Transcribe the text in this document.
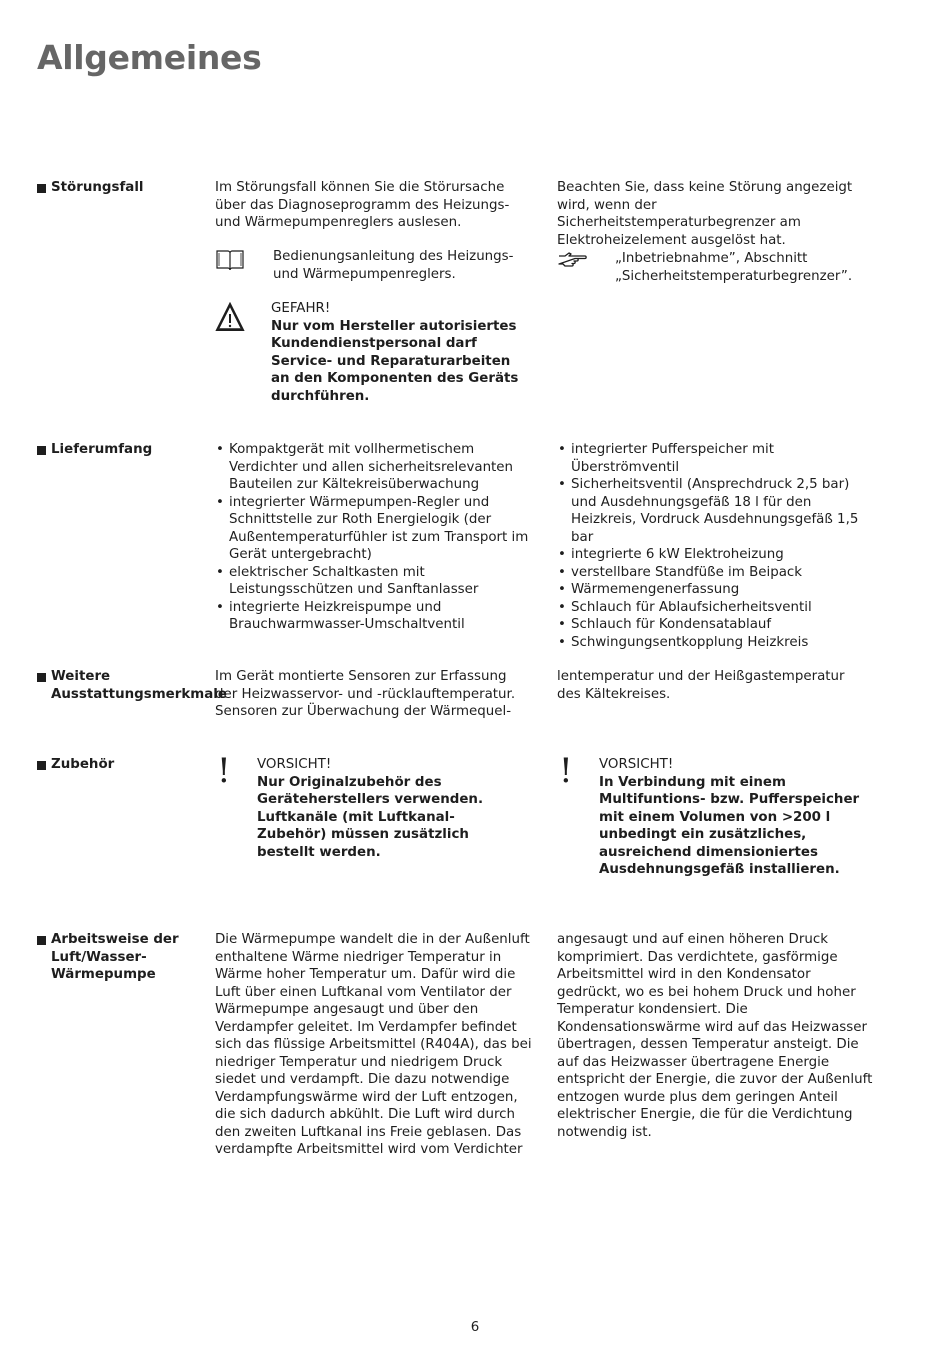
Allgemeines
Störungsfall	Im Störungsfall können Sie die Störursache über das Diagnoseprogramm des Heizungs- und Wärmepumpenreglers auslesen.

Bedienungsanleitung des Heizungs- und Wärmepumpenreglers.
GEFAHR!
Nur vom Hersteller autorisiertes Kundendienstpersonal darf Service- und Reparaturarbeiten an den Komponenten des Geräts durchführen.

Beachten Sie, dass keine Störung angezeigt wird, wenn der Sicherheitstemperaturbegrenzer am Elektroheizelement ausgelöst hat.

„Inbetriebnahme”, Abschnitt „Sicherheitstemperaturbegrenzer”.
Lieferumfang
•	Kompaktgerät mit vollhermetischem Verdichter und allen sicherheitsrelevanten Bauteilen zur Kältekreisüberwachung
• integrierter Wärmepumpen-Regler und Schnittstelle zur Roth Energielogik (der Außentemperaturfühler ist zum Transport im Gerät untergebracht)
• elektrischer Schaltkasten mit Leistungsschützen und Sanftanlasser
• integrierte Heizkreispumpe und Brauchwarmwasser-Umschaltventil
• integrierter Pufferspeicher mit Überströmventil
• Sicherheitsventil (Ansprechdruck 2,5 bar) und Ausdehnungsgefäß 18 l für den Heizkreis, Vordruck Ausdehnungsgefäß 1,5 bar
• integrierte 6 kW Elektroheizung
• verstellbare Standfüße im Beipack
• Wärmemengenerfassung
• Schlauch für Ablaufsicherheitsventil
• Schlauch für Kondensatablauf
• Schwingungsentkopplung Heizkreis
Weitere Ausstattungsmerkmale

Im Gerät montierte Sensoren zur Erfassung der Heizwasservor- und -rücklauftemperatur. Sensoren zur Überwachung der Wärmequel-

lentemperatur und der Heißgastemperatur des Kältekreises.

Zubehör	! VORSICHT!
Nur Originalzubehör des Geräteherstellers verwenden. Luftkanäle (mit Luftkanal-Zubehör) müssen zusätzlich bestellt werden.
! VORSICHT!
In Verbindung mit einem Multifuntions- bzw. Pufferspeicher mit einem Volumen von >200 l unbedingt ein zusätzliches, ausreichend dimensioniertes Ausdehnungsgefäß installieren.
Arbeitsweise der Luft/Wasser-Wärmepumpe

Die Wärmepumpe wandelt die in der Außenluft enthaltene Wärme niedriger Temperatur in Wärme hoher Temperatur um. Dafür wird die Luft über einen Luftkanal vom Ventilator der Wärmepumpe angesaugt und über den Verdampfer geleitet. Im Verdampfer befindet sich das flüssige Arbeitsmittel (R404A), das bei niedriger Temperatur und niedrigem Druck siedet und verdampft. Die dazu notwendige Verdampfungswärme wird der Luft entzogen, die sich dadurch abkühlt. Die Luft wird durch den zweiten Luftkanal ins Freie geblasen. Das verdampfte Arbeitsmittel wird vom Verdichter

angesaugt und auf einen höheren Druck komprimiert. Das verdichtete, gasförmige Arbeitsmittel wird in den Kondensator gedrückt, wo es bei hohem Druck und hoher Temperatur kondensiert. Die Kondensationswärme wird auf das Heizwasser übertragen, dessen Temperatur ansteigt. Die auf das Heizwasser übertragene Energie entspricht der Energie, die zuvor der Außenluft entzogen wurde plus dem geringen Anteil elektrischer Energie, die für die Verdichtung notwendig ist.

6
